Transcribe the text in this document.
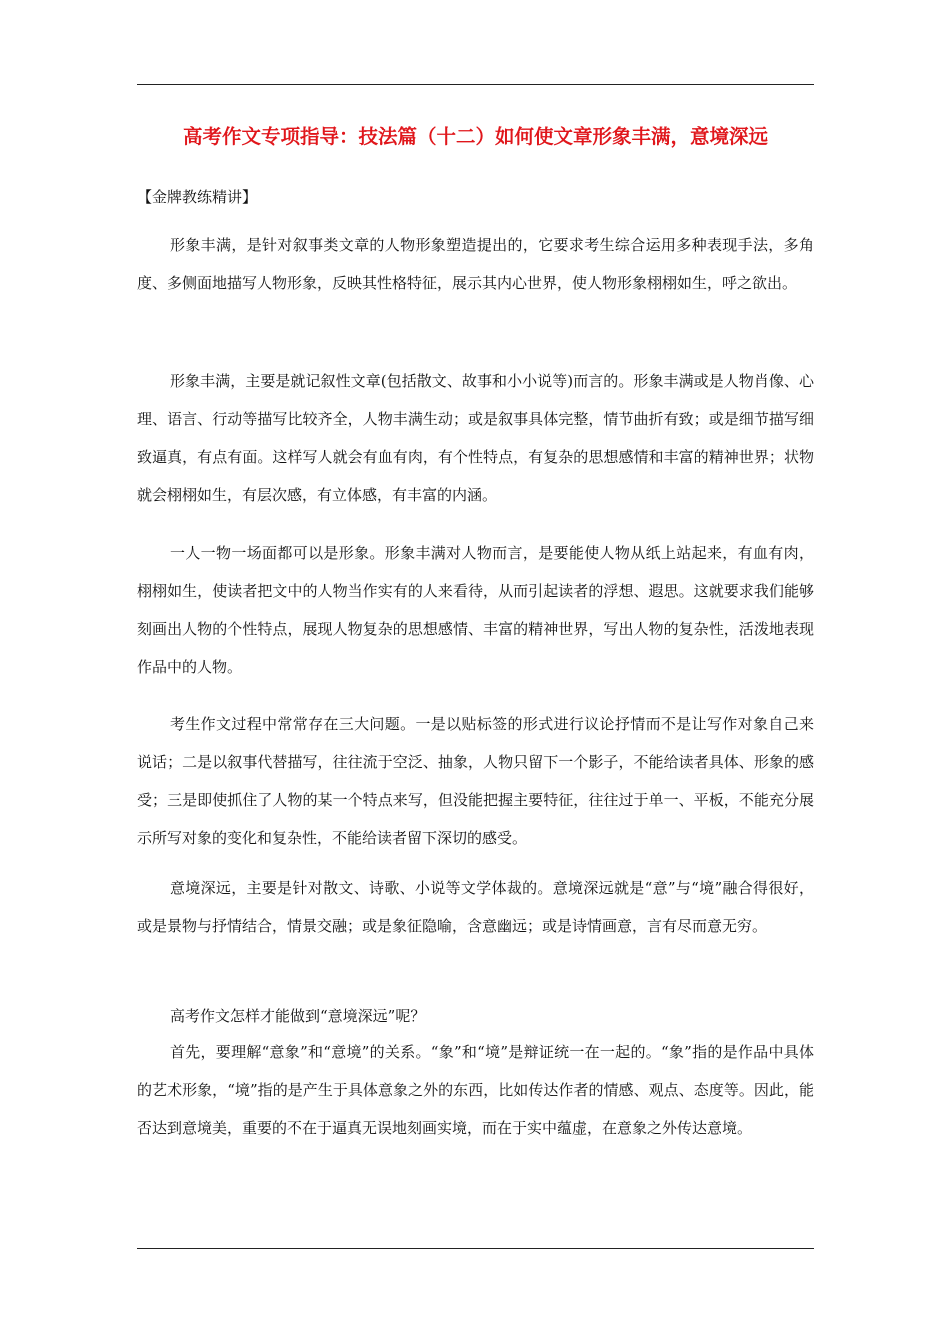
高考作文专项指导：技法篇（十二）如何使文章形象丰满，意境深远
【金牌教练精讲】

形象丰满，是针对叙事类文章的人物形象塑造提出的，它要求考生综合运用多种表现手法，多角度、多侧面地描写人物形象，反映其性格特征，展示其内心世界，使人物形象栩栩如生，呼之欲出。

形象丰满，主要是就记叙性文章(包括散文、故事和小小说等)而言的。形象丰满或是人物肖像、心理、语言、行动等描写比较齐全，人物丰满生动；或是叙事具体完整，情节曲折有致；或是细节描写细致逼真，有点有面。这样写人就会有血有肉，有个性特点，有复杂的思想感情和丰富的精神世界；状物就会栩栩如生，有层次感，有立体感，有丰富的内涵。

一人一物一场面都可以是形象。形象丰满对人物而言，是要能使人物从纸上站起来，有血有肉，栩栩如生，使读者把文中的人物当作实有的人来看待，从而引起读者的浮想、遐思。这就要求我们能够刻画出人物的个性特点，展现人物复杂的思想感情、丰富的精神世界，写出人物的复杂性，活泼地表现作品中的人物。

考生作文过程中常常存在三大问题。一是以贴标签的形式进行议论抒情而不是让写作对象自己来说话；二是以叙事代替描写，往往流于空泛、抽象，人物只留下一个影子，不能给读者具体、形象的感受；三是即使抓住了人物的某一个特点来写，但没能把握主要特征，往往过于单一、平板，不能充分展示所写对象的变化和复杂性，不能给读者留下深切的感受。

意境深远，主要是针对散文、诗歌、小说等文学体裁的。意境深远就是“意”与“境”融合得很好，或是景物与抒情结合，情景交融；或是象征隐喻，含意幽远；或是诗情画意，言有尽而意无穷。

高考作文怎样才能做到“意境深远”呢？

首先，要理解“意象”和“意境”的关系。“象”和“境”是辩证统一在一起的。“象”指的是作品中具体的艺术形象，“境”指的是产生于具体意象之外的东西，比如传达作者的情感、观点、态度等。因此，能否达到意境美，重要的不在于逼真无误地刻画实境，而在于实中蕴虚，在意象之外传达意境。
